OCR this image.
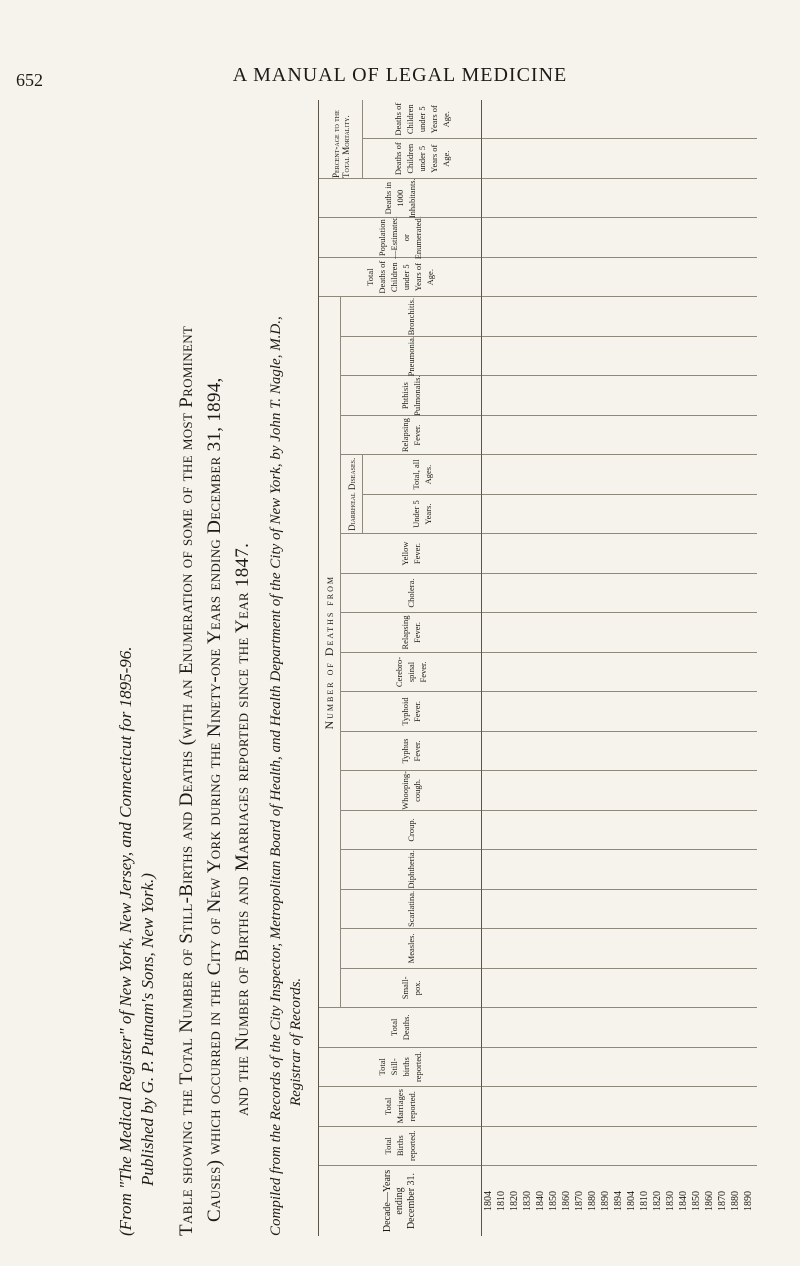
652	A MANUAL OF LEGAL MEDICINE
(From "The Medical Register" of New York, New Jersey, and Connecticut for 1895-96. Published by G. P. Putnam's Sons, New York.) Table showing the Total Number of Still-Births and Deaths (with an Enumeration of some of the most Prominent Causes) which occurred in the City of New York during the Ninety-one Years ending December 31, 1894, and the Number of Births and Marriages reported since the Year 1847. Compiled from the Records of the City Inspector, Metropolitan Board of Health, and Health Department of the City of New York, by John T. Nagle, M.D., Registrar of Records.
Number of Deaths from
Diarrhœal Diseases.
Percent-age to the Total Mortality.
Decade—Years ending December 31.
Total Births reported.
Total Marriages reported.
Total Still-births reported.
Total Deaths.
Small-pox.
Measles.
Scarlatina.
Diphtheria.
Croup.
Whooping-cough.
Typhus Fever.
Typhoid Fever.
Cerebro-spinal Fever.
Relapsing Fever.
Cholera.
Yellow Fever.
Under 5 Years.
Total, all Ages.
Relapsing Fever.
Phthisis Pulmonalis.
Pneumonia.
Bronchitis.
Total Deaths of Children under 5 Years of Age.
Population—Estimated or Enumerated.
Deaths in 1000 Inhabitants.
Deaths of Children under 5 Years of Age.
Deaths of Children under 5 Years of Age.
1804 1810 1820 1830 1840 1850 1860 1870 1880 1890 1894 1804 1810 1820 1830 1840 1850 1860 1870 1880 1890
